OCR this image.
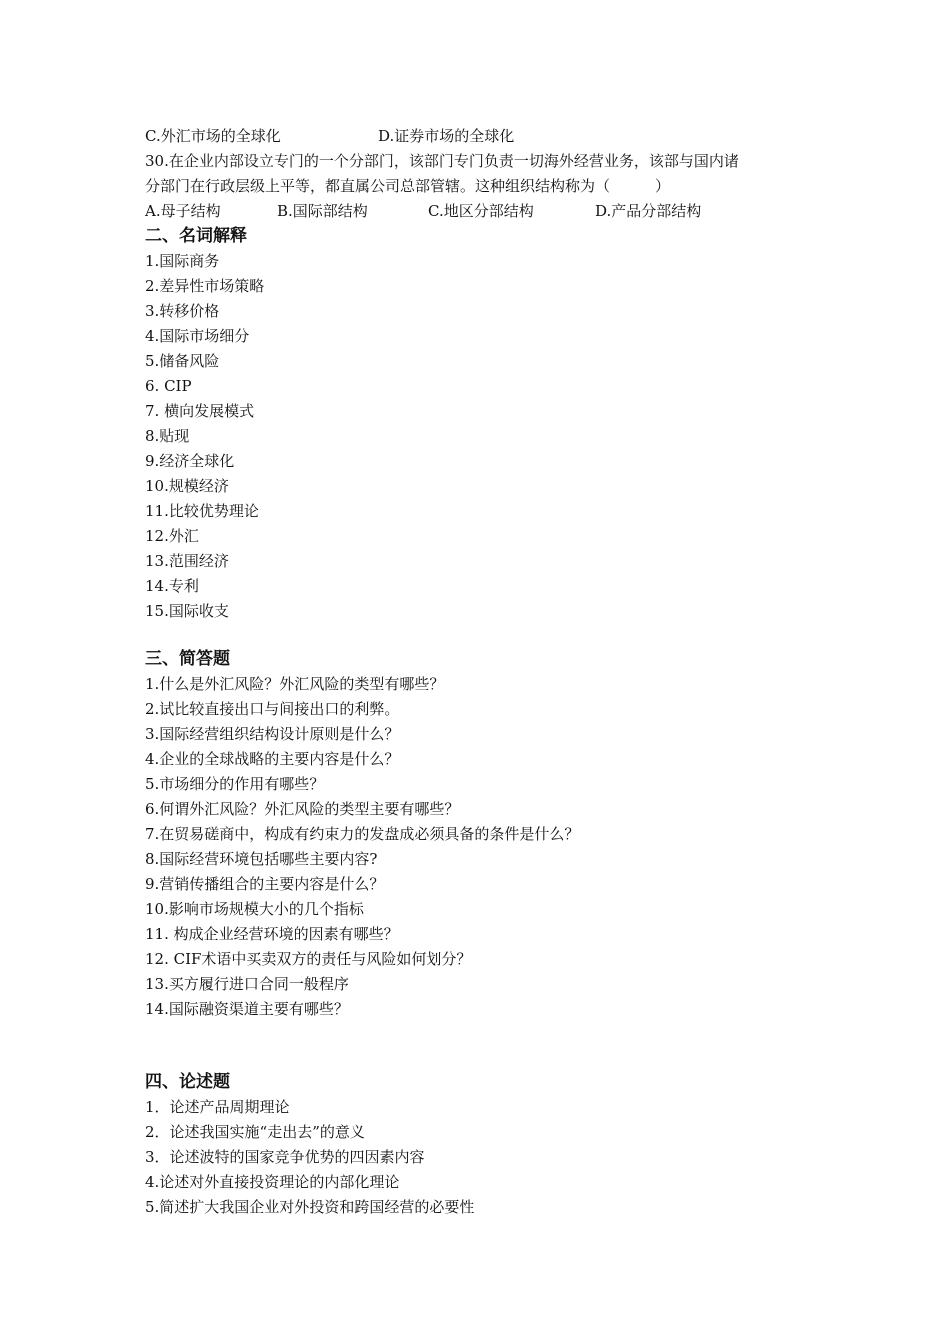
C.外汇市场的全球化	D.证券市场的全球化
30.在企业内部设立专门的一个分部门，该部门专门负责一切海外经营业务，该部与国内诸
分部门在行政层级上平等，都直属公司总部管辖。这种组织结构称为（　　　）
A.母子结构	B.国际部结构	C.地区分部结构	D.产品分部结构
二、名词解释
1.国际商务
2.差异性市场策略
3.转移价格
4.国际市场细分
5.储备风险
6. CIP
7. 横向发展模式
8.贴现
9.经济全球化
10.规模经济
11.比较优势理论
12.外汇
13.范围经济
14.专利
15.国际收支
三、简答题
1.什么是外汇风险？外汇风险的类型有哪些？
2.试比较直接出口与间接出口的利弊。
3.国际经营组织结构设计原则是什么？
4.企业的全球战略的主要内容是什么？
5.市场细分的作用有哪些？
6.何谓外汇风险？外汇风险的类型主要有哪些？
7.在贸易磋商中，构成有约束力的发盘成必须具备的条件是什么？
8.国际经营环境包括哪些主要内容?
9.营销传播组合的主要内容是什么？
10.影响市场规模大小的几个指标
11. 构成企业经营环境的因素有哪些？
12. CIF术语中买卖双方的责任与风险如何划分？
13.买方履行进口合同一般程序
14.国际融资渠道主要有哪些？
四、论述题
1．论述产品周期理论
2．论述我国实施“走出去”的意义
3．论述波特的国家竞争优势的四因素内容
4.论述对外直接投资理论的内部化理论
5.简述扩大我国企业对外投资和跨国经营的必要性
